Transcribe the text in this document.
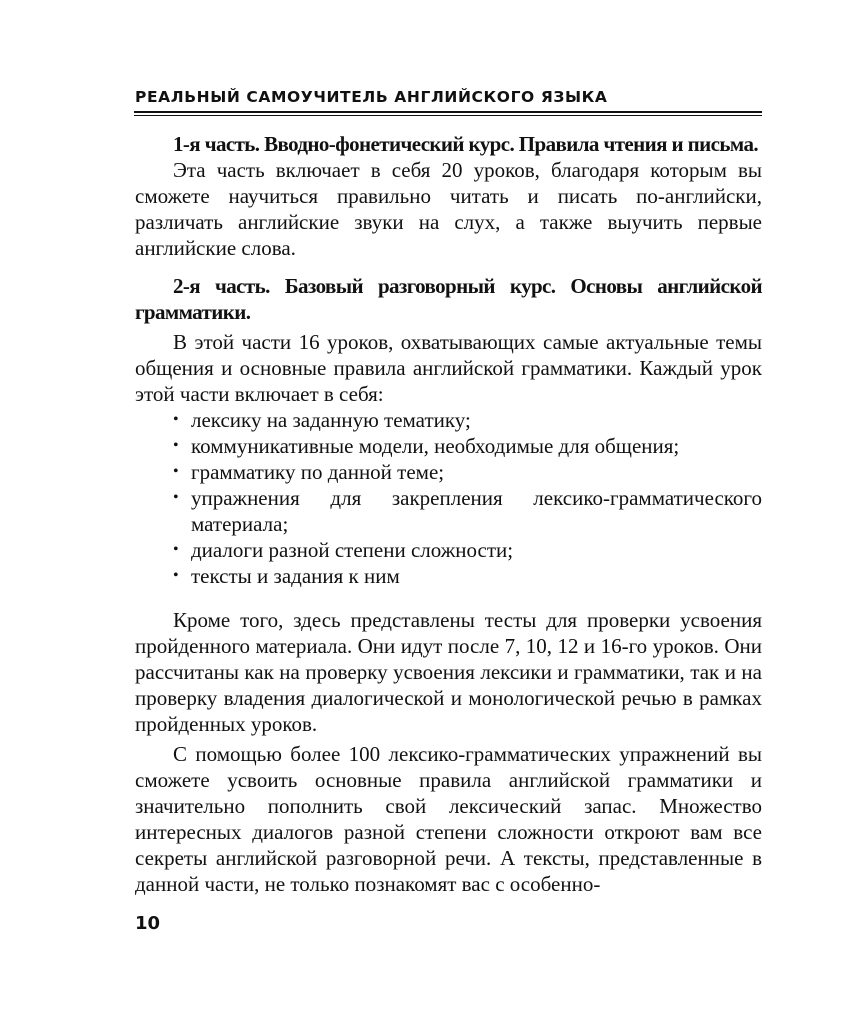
РЕАЛЬНЫЙ САМОУЧИТЕЛЬ АНГЛИЙСКОГО ЯЗЫКА

1-я часть. Вводно-фонетический курс. Правила чтения и письма.

Эта часть включает в себя 20 уроков, благодаря которым вы сможете научиться правильно читать и писать по-английски, различать английские звуки на слух, а также выучить первые английские слова.

2-я часть. Базовый разговорный курс. Основы английской грамматики.

В этой части 16 уроков, охватывающих самые актуальные темы общения и основные правила английской грамматики. Каждый урок этой части включает в себя:

• лексику на заданную тематику;
• коммуникативные модели, необходимые для общения;
• грамматику по данной теме;
• упражнения для закрепления лексико-грамматического материала;
• диалоги разной степени сложности;
• тексты и задания к ним

Кроме того, здесь представлены тесты для проверки усвоения пройденного материала. Они идут после 7, 10, 12 и 16-го уроков. Они рассчитаны как на проверку усвоения лексики и грамматики, так и на проверку владения диалогической и монологической речью в рамках пройденных уроков.

С помощью более 100 лексико-грамматических упражнений вы сможете усвоить основные правила английской грамматики и значительно пополнить свой лексический запас. Множество интересных диалогов разной степени сложности откроют вам все секреты английской разговорной речи. А тексты, представленные в данной части, не только познакомят вас с особенно-

10
